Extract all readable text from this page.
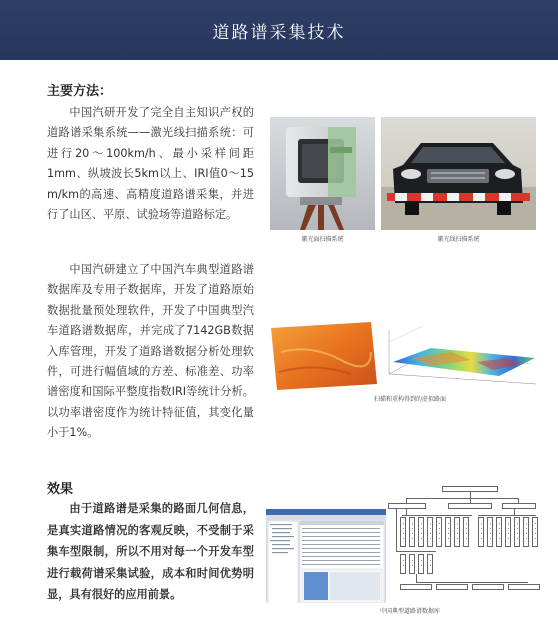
道路谱采集技术
主要方法：

中国汽研开发了完全自主知识产权的道路谱采集系统——激光线扫描系统：可进行20～100km/h、最小采样间距1mm、纵坡波长5km以上、IRI值0～15　m/km的高速、高精度道路谱采集，并进行了山区、平原、试验场等道路标定。

中国汽研建立了中国汽车典型道路谱数据库及专用子数据库，开发了道路原始数据批量预处理软件，开发了中国典型汽车道路谱数据库，并完成了7142GB数据入库管理，开发了道路谱数据分析处理软件，可进行幅值域的方差、标准差、功率谱密度和国际平整度指数IRI等统计分析。以功率谱密度作为统计特征值，其变化量小于1%。

效果

由于道路谱是采集的路面几何信息，是真实道路情况的客观反映，不受制于采集车型限制，所以不用对每一个开发车型进行载荷谱采集试验，成本和时间优势明显，具有很好的应用前景。

激光面扫描系统	激光线扫描系统
扫描和重构得到的虚拟路面
中国典型道路谱数据库
